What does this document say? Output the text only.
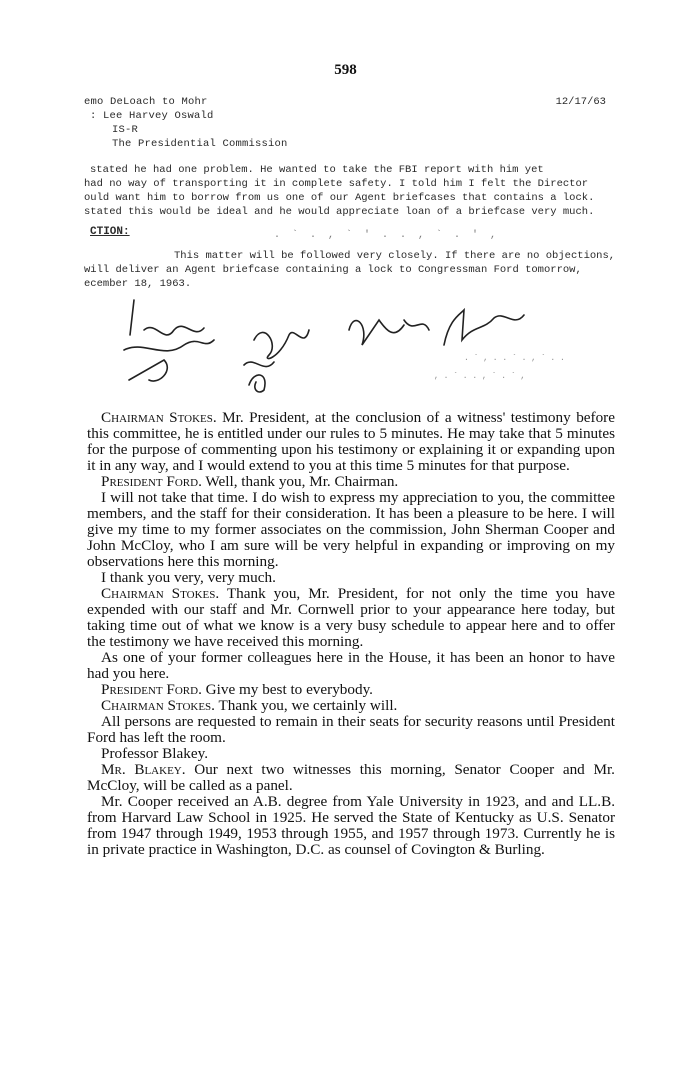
598
emo DeLoach to Mohr
: Lee Harvey Oswald
IS-R
The Presidential Commission
12/17/63
stated he had one problem. He wanted to take the FBI report with him yet
had no way of transporting it in complete safety. I told him I felt the Director
ould want him to borrow from us one of our Agent briefcases that contains a lock.
stated this would be ideal and he would appreciate loan of a briefcase very much.
CTION:	. ` . , ` ' . . , ` . ' ,
This matter will be followed very closely. If there are no objections,
will deliver an Agent briefcase containing a lock to Congressman Ford tomorrow,
ecember 18, 1963.
. ` , . . ` . , ` . .
, . ` . . , ` . ` ,

Chairman Stokes. Mr. President, at the conclusion of a witness' testimony before this committee, he is entitled under our rules to 5 minutes. He may take that 5 minutes for the purpose of commenting upon his testimony or explaining it or expanding upon it in any way, and I would extend to you at this time 5 minutes for that purpose.

President Ford. Well, thank you, Mr. Chairman.

I will not take that time. I do wish to express my appreciation to you, the committee members, and the staff for their consideration. It has been a pleasure to be here. I will give my time to my former associates on the commission, John Sherman Cooper and John McCloy, who I am sure will be very helpful in expanding or improving on my observations here this morning.

I thank you very, very much.

Chairman Stokes. Thank you, Mr. President, for not only the time you have expended with our staff and Mr. Cornwell prior to your appearance here today, but taking time out of what we know is a very busy schedule to appear here and to offer the testimony we have received this morning.

As one of your former colleagues here in the House, it has been an honor to have had you here.

President Ford. Give my best to everybody.

Chairman Stokes. Thank you, we certainly will.

All persons are requested to remain in their seats for security reasons until President Ford has left the room.

Professor Blakey.

Mr. Blakey. Our next two witnesses this morning, Senator Cooper and Mr. McCloy, will be called as a panel.

Mr. Cooper received an A.B. degree from Yale University in 1923, and and LL.B. from Harvard Law School in 1925. He served the State of Kentucky as U.S. Senator from 1947 through 1949, 1953 through 1955, and 1957 through 1973. Currently he is in private practice in Washington, D.C. as counsel of Covington & Burling.
